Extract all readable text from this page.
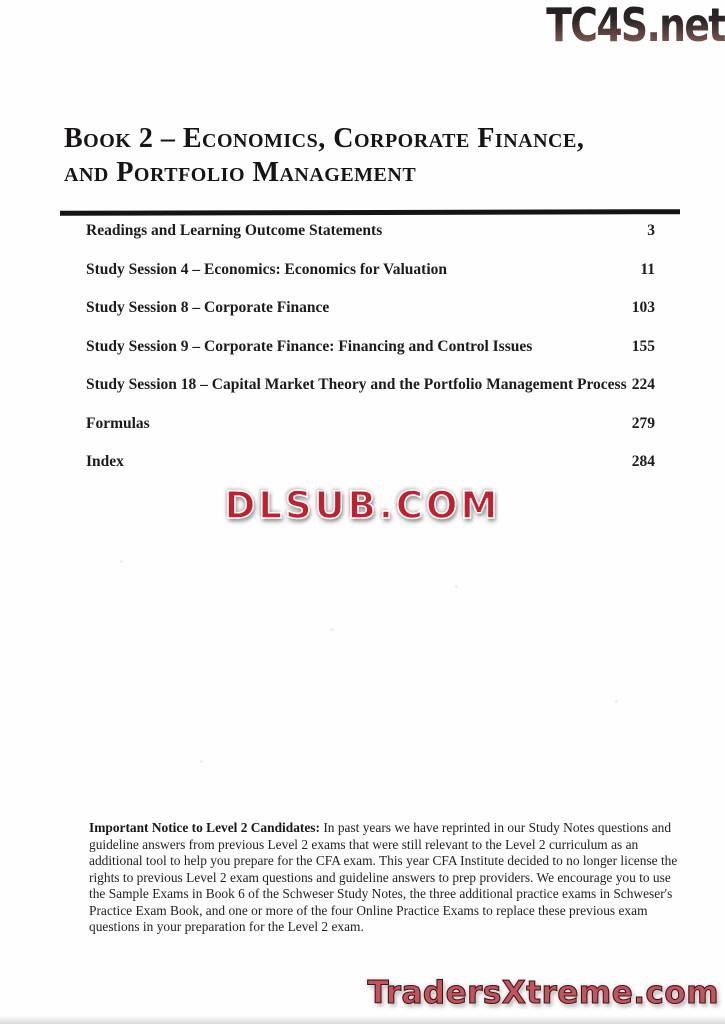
TC4S.net
Book 2 – Economics, Corporate Finance,
and Portfolio Management
Readings and Learning Outcome Statements	3
Study Session 4 – Economics: Economics for Valuation	11
Study Session 8 – Corporate Finance	103
Study Session 9 – Corporate Finance: Financing and Control Issues	155
Study Session 18 – Capital Market Theory and the Portfolio Management Process 224
Formulas	279
Index	284
DLSUB.COM

Important Notice to Level 2 Candidates: In past years we have reprinted in our Study Notes questions and guideline answers from previous Level 2 exams that were still relevant to the Level 2 curriculum as an additional tool to help you prepare for the CFA exam. This year CFA Institute decided to no longer license the rights to previous Level 2 exam questions and guideline answers to prep providers. We encourage you to use the Sample Exams in Book 6 of the Schweser Study Notes, the three additional practice exams in Schweser's Practice Exam Book, and one or more of the four Online Practice Exams to replace these previous exam questions in your preparation for the Level 2 exam.

TradersXtreme.com
